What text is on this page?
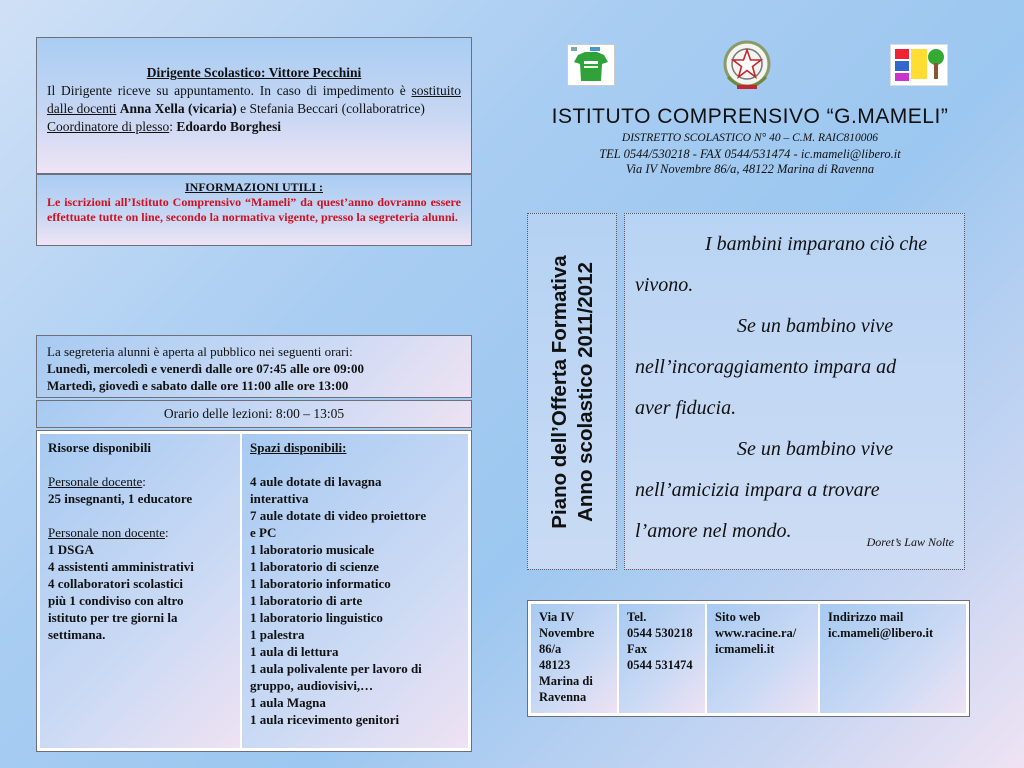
Dirigente Scolastico: Vittore Pecchini
Il Dirigente riceve su appuntamento. In caso di impedimento è sostituito dalle docenti Anna Xella (vicaria) e Stefania Beccari (collaboratrice)
Coordinatore di plesso: Edoardo Borghesi
INFORMAZIONI UTILI :
Le iscrizioni all’Istituto Comprensivo “Mameli” da quest’anno dovranno essere effettuate tutte on line, secondo la normativa vigente, presso la segreteria alunni.
La segreteria alunni è aperta al pubblico nei seguenti orari:
Lunedì, mercoledì e venerdì dalle ore 07:45 alle ore 09:00
Martedì, giovedì e sabato dalle ore 11:00 alle ore 13:00
Orario delle lezioni: 8:00 – 13:05
Risorse disponibili
Personale docente:
25 insegnanti, 1 educatore
Personale non docente:
1 DSGA
4 assistenti amministrativi
4 collaboratori scolastici
più 1 condiviso con altro
istituto per tre giorni la
settimana.
Spazi disponibili:
4 aule dotate di lavagna
interattiva
7 aule dotate di video proiettore
e PC
1 laboratorio musicale
1 laboratorio di scienze
1 laboratorio informatico
1 laboratorio di arte
1 laboratorio linguistico
1 palestra
1 aula di lettura
1 aula polivalente per lavoro di
gruppo, audiovisivi,…
1 aula Magna
1 aula ricevimento genitori
ISTITUTO COMPRENSIVO “G.MAMELI”
DISTRETTO SCOLASTICO N° 40 – C.M. RAIC810006
TEL 0544/530218 - FAX 0544/531474 - ic.mameli@libero.it
Via IV Novembre 86/a, 48122 Marina di Ravenna
Piano dell’Offerta Formativa Anno scolastico 2011/2012
I bambini imparano ciò che
vivono.
Se un bambino vive
nell’incoraggiamento impara ad
aver fiducia.
Se un bambino vive
nell’amicizia impara a trovare
l’amore nel mondo.	Doret’s Law Nolte
Via IV
Novembre
86/a
48123
Marina di
Ravenna
Tel.
0544 530218
Fax
0544 531474
Sito web
www.racine.ra/
icmameli.it
Indirizzo mail
ic.mameli@libero.it
